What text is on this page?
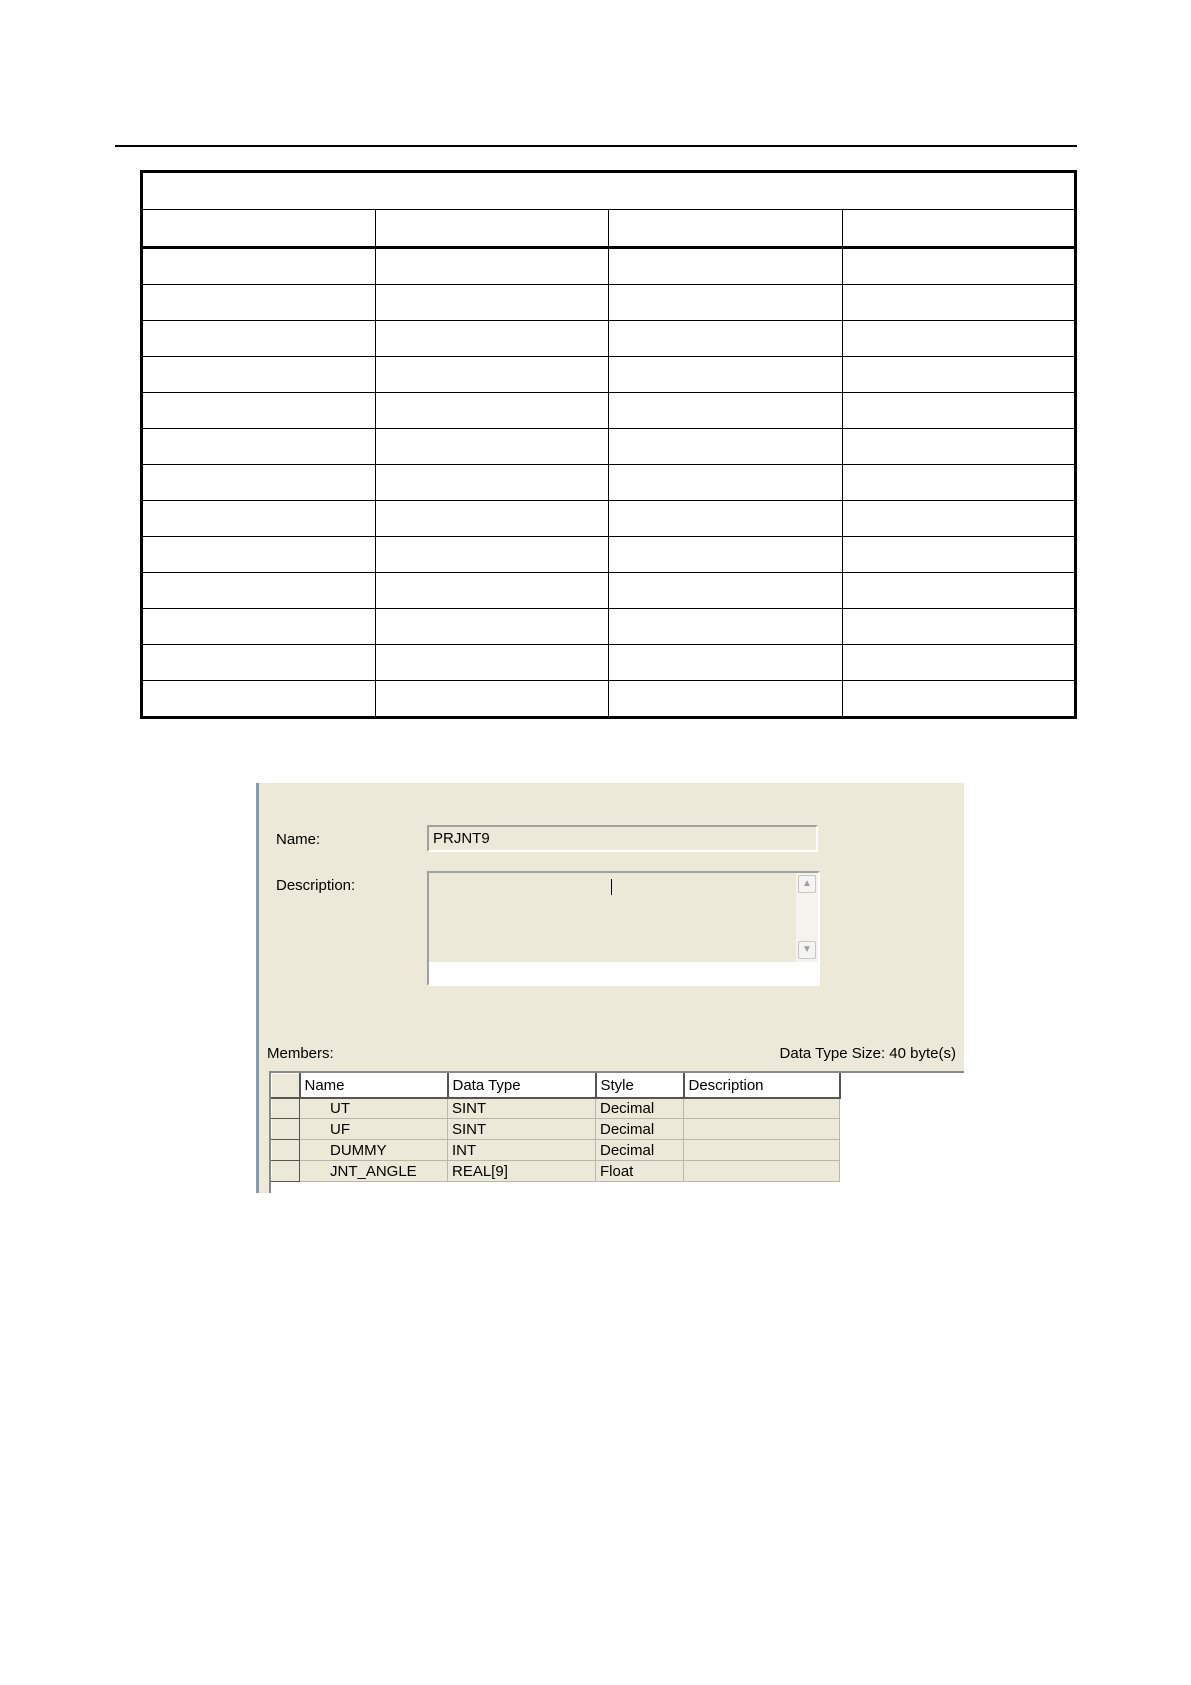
Name:	PRJNT9
Description:	▲
▼
Members:	Data Type Size: 40 byte(s)
	Name	Data Type	Style	Description
	UT	SINT	Decimal	
	UF	SINT	Decimal	
	DUMMY	INT	Decimal	
	JNT_ANGLE	REAL[9]	Float	
